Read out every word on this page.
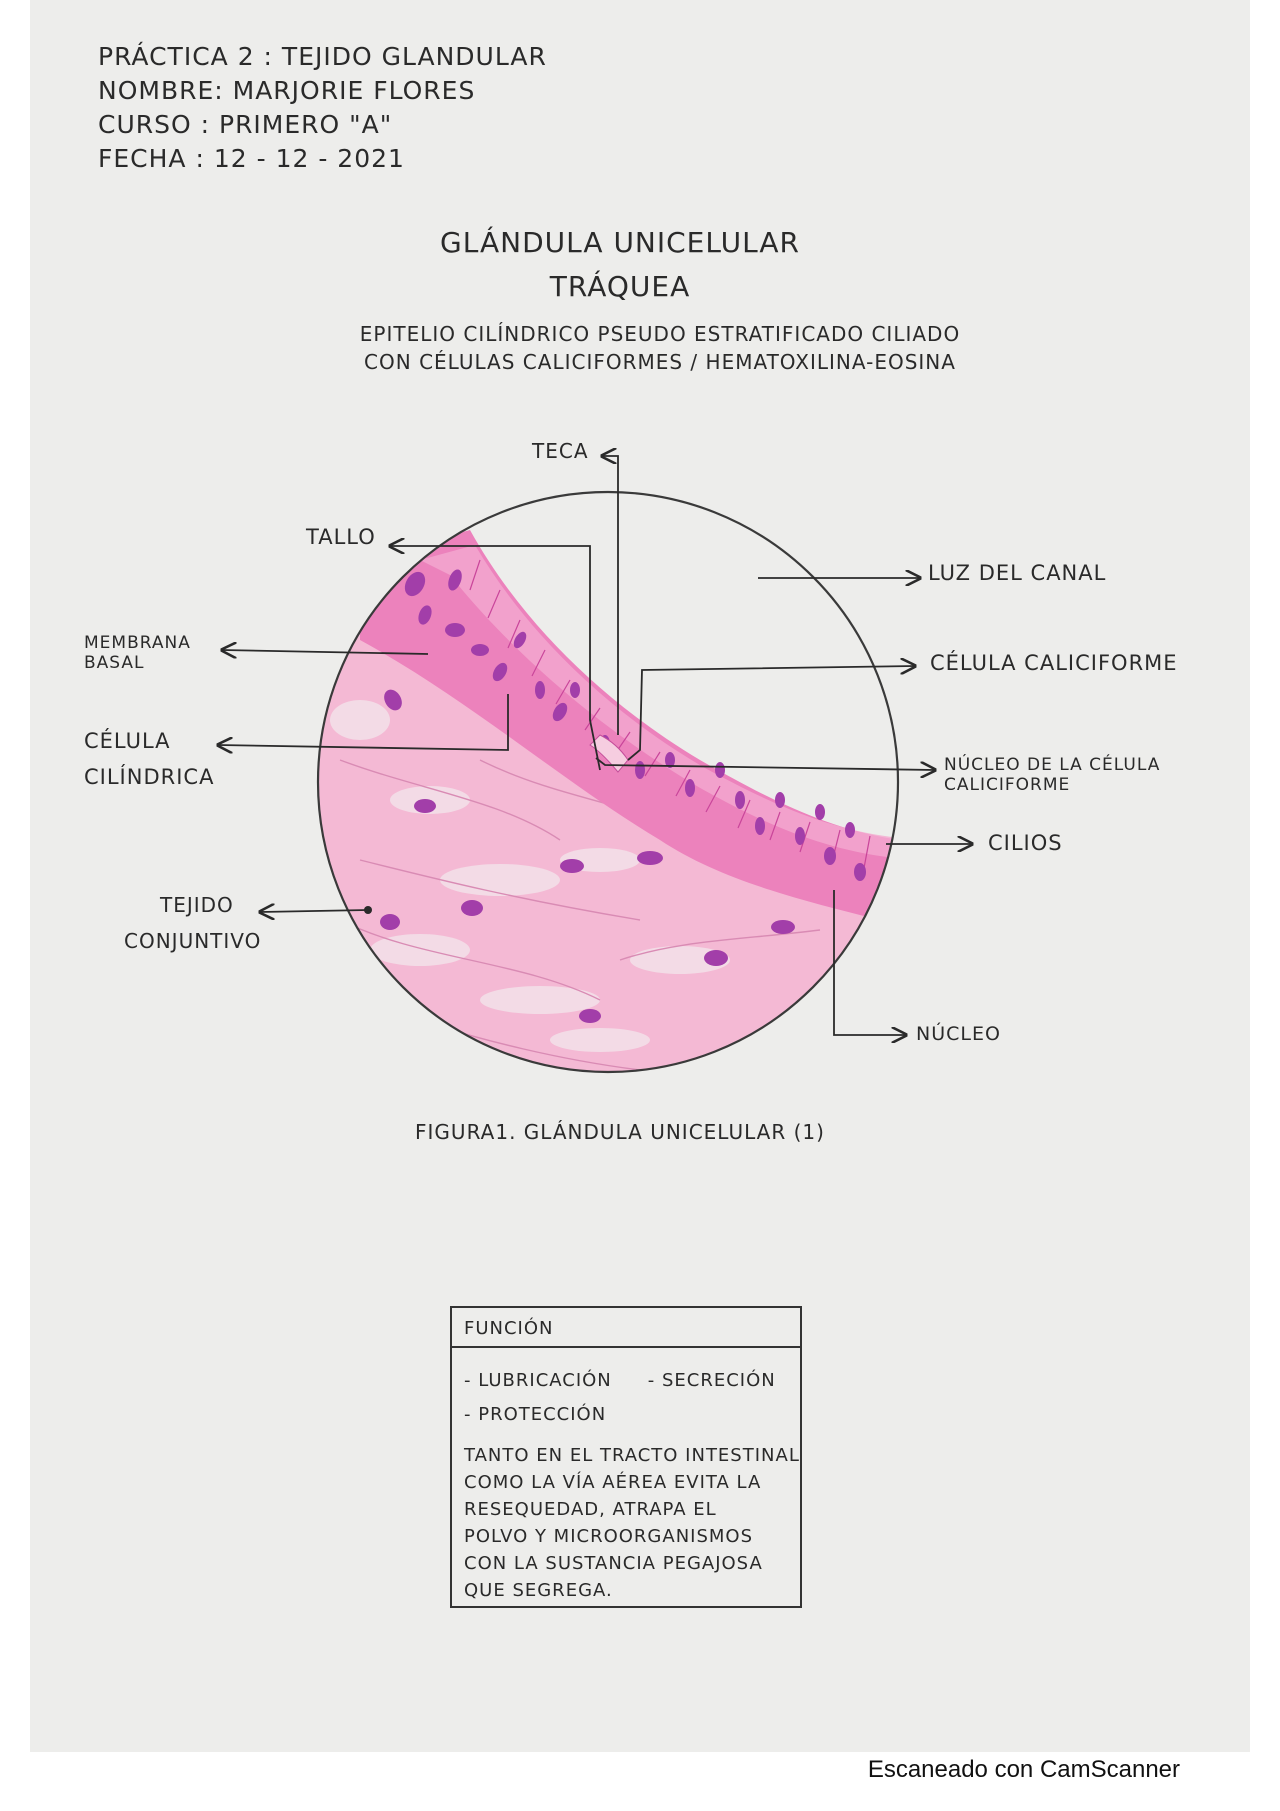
PRÁCTICA 2 : TEJIDO GLANDULAR
NOMBRE: MARJORIE FLORES
CURSO : PRIMERO "A"
FECHA : 12 - 12 - 2021
GLÁNDULA UNICELULAR
TRÁQUEA
EPITELIO CILÍNDRICO PSEUDO ESTRATIFICADO CILIADO
CON CÉLULAS CALICIFORMES / HEMATOXILINA-EOSINA
TECA
TALLO
LUZ DEL CANAL
MEMBRANA
BASAL	CÉLULA CALICIFORME
CÉLULA
CILÍNDRICA	NÚCLEO DE LA CÉLULA
CALICIFORME
CILIOS
TEJIDO
CONJUNTIVO
NÚCLEO
FIGURA1. GLÁNDULA UNICELULAR (1)
FUNCIÓN
- LUBRICACIÓN - SECRECIÓN
- PROTECCIÓN
TANTO EN EL TRACTO INTESTINAL
COMO LA VÍA AÉREA EVITA LA
RESEQUEDAD, ATRAPA EL
POLVO Y MICROORGANISMOS
CON LA SUSTANCIA PEGAJOSA
QUE SEGREGA.
Escaneado con CamScanner
